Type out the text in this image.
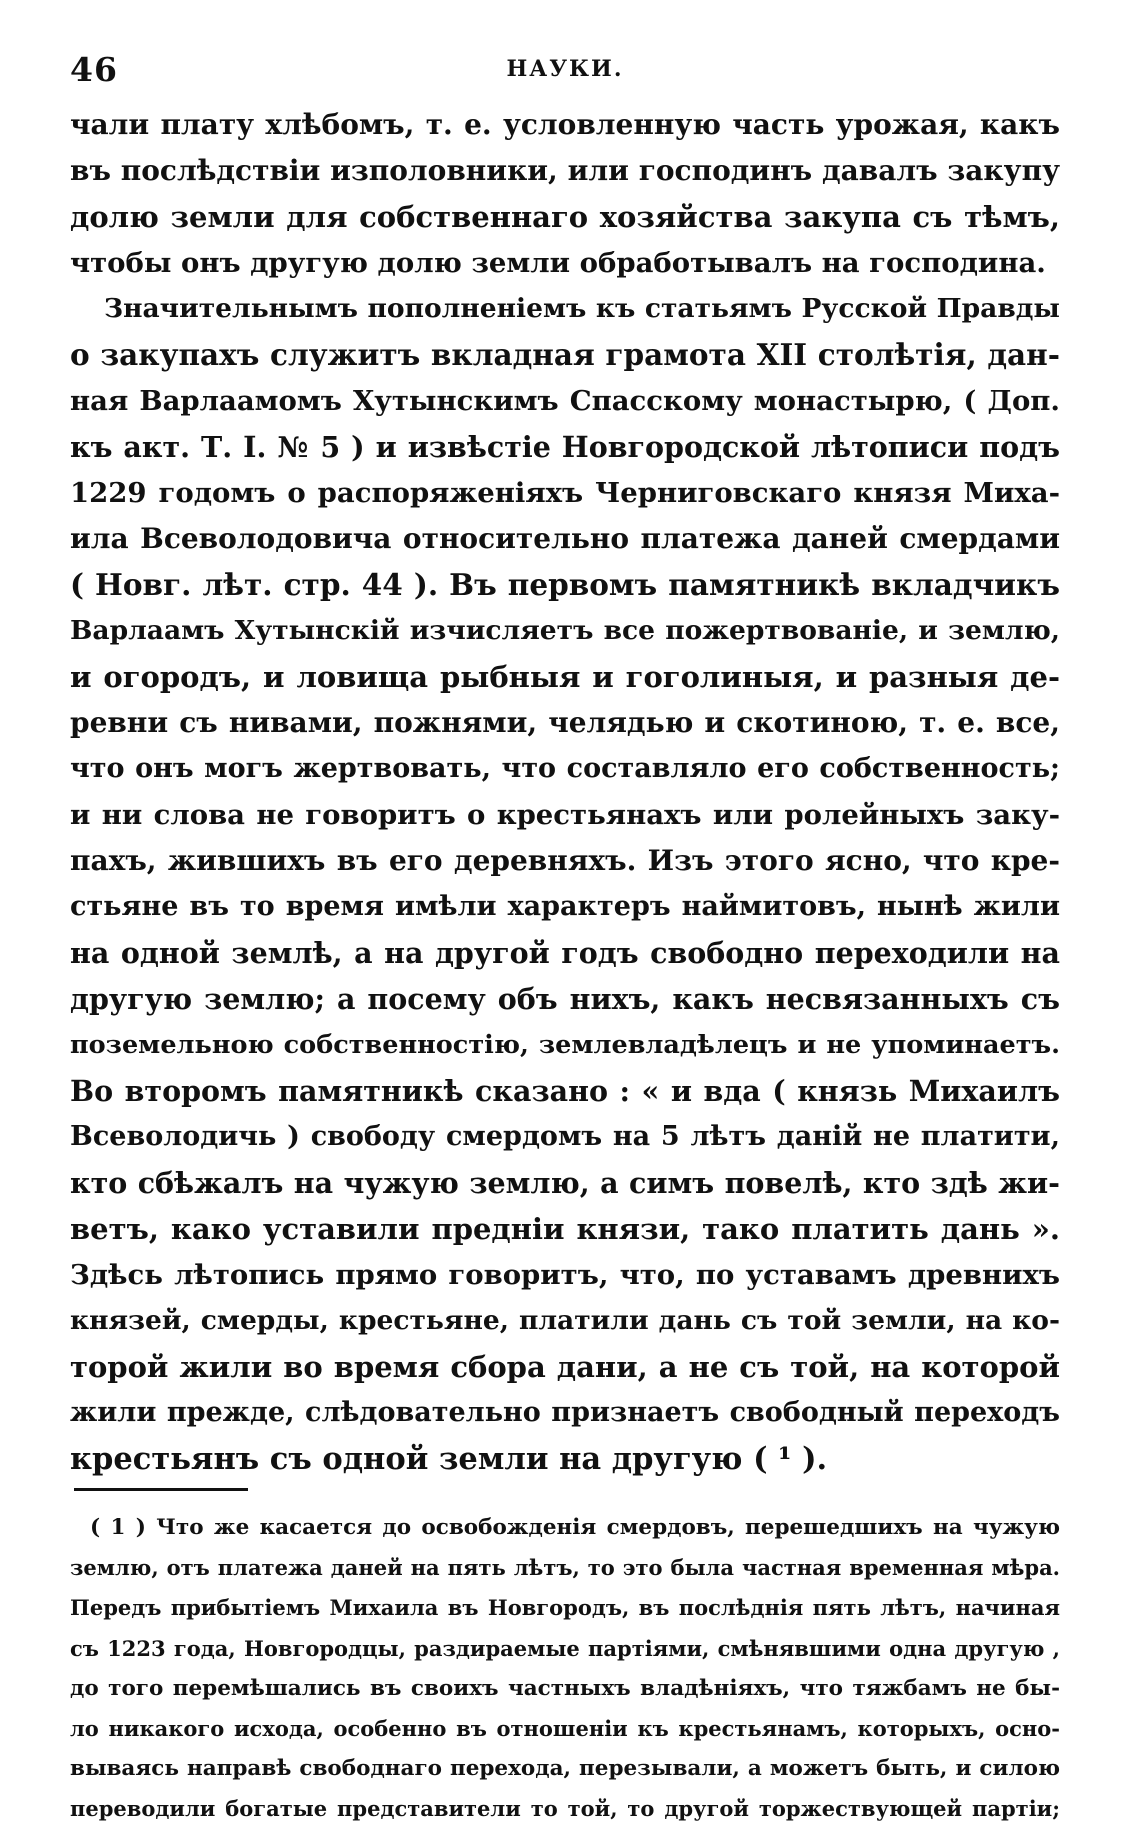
46	НАУКИ.
чали плату хлѣбомъ, т. е. условленную часть урожая, какъ
въ послѣдствіи изполовники, или господинъ давалъ закупу
долю земли для собственнаго хозяйства закупа съ тѣмъ,
чтобы онъ другую долю земли обработывалъ на господина.
Значительнымъ пополненіемъ къ статьямъ Русской Правды
о закупахъ служитъ вкладная грамота XII столѣтія, дан-
ная Варлаамомъ Хутынскимъ Спасскому монастырю, ( Доп.
къ акт. Т. I. № 5 ) и извѣстіе Новгородской лѣтописи подъ
1229 годомъ о распоряженіяхъ Черниговскаго князя Миха-
ила Всеволодовича относительно платежа даней смердами
( Новг. лѣт. стр. 44 ). Въ первомъ памятникѣ вкладчикъ
Варлаамъ Хутынскій изчисляетъ все пожертвованіе, и землю,
и огородъ, и ловища рыбныя и гоголиныя, и разныя де-
ревни съ нивами, пожнями, челядью и скотиною, т. е. все,
что онъ могъ жертвовать, что составляло его собственность;
и ни слова не говоритъ о крестьянахъ или ролейныхъ заку-
пахъ, жившихъ въ его деревняхъ. Изъ этого ясно, что кре-
стьяне въ то время имѣли характеръ наймитовъ, нынѣ жили
на одной землѣ, а на другой годъ свободно переходили на
другую землю; а посему объ нихъ, какъ несвязанныхъ съ
поземельною собственностію, землевладѣлецъ и не упоминаетъ.
Во второмъ памятникѣ сказано : « и вда ( князь Михаилъ
Всеволодичь ) свободу смердомъ на 5 лѣтъ даній не платити,
кто сбѣжалъ на чужую землю, а симъ повелѣ, кто здѣ жи-
ветъ, како уставили предніи князи, тако платить дань ».
Здѣсь лѣтопись прямо говоритъ, что, по уставамъ древнихъ
князей, смерды, крестьяне, платили дань съ той земли, на ко-
торой жили во время сбора дани, а не съ той, на которой
жили прежде, слѣдовательно признаетъ свободный переходъ
крестьянъ съ одной земли на другую ( ¹ ).
( 1 ) Что же касается до освобожденія смердовъ, перешедшихъ на чужую
землю, отъ платежа даней на пять лѣтъ, то это была частная временная мѣра.
Передъ прибытіемъ Михаила въ Новгородъ, въ послѣднія пять лѣтъ, начиная
съ 1223 года, Новгородцы, раздираемые партіями, смѣнявшими одна другую ,
до того перемѣшались въ своихъ частныхъ владѣніяхъ, что тяжбамъ не бы-
ло никакого исхода, особенно въ отношеніи къ крестьянамъ, которыхъ, осно-
вываясь направѣ свободнаго перехода, перезывали, а можетъ быть, и силою
переводили богатые представители то той, то другой торжествующей партіи;
